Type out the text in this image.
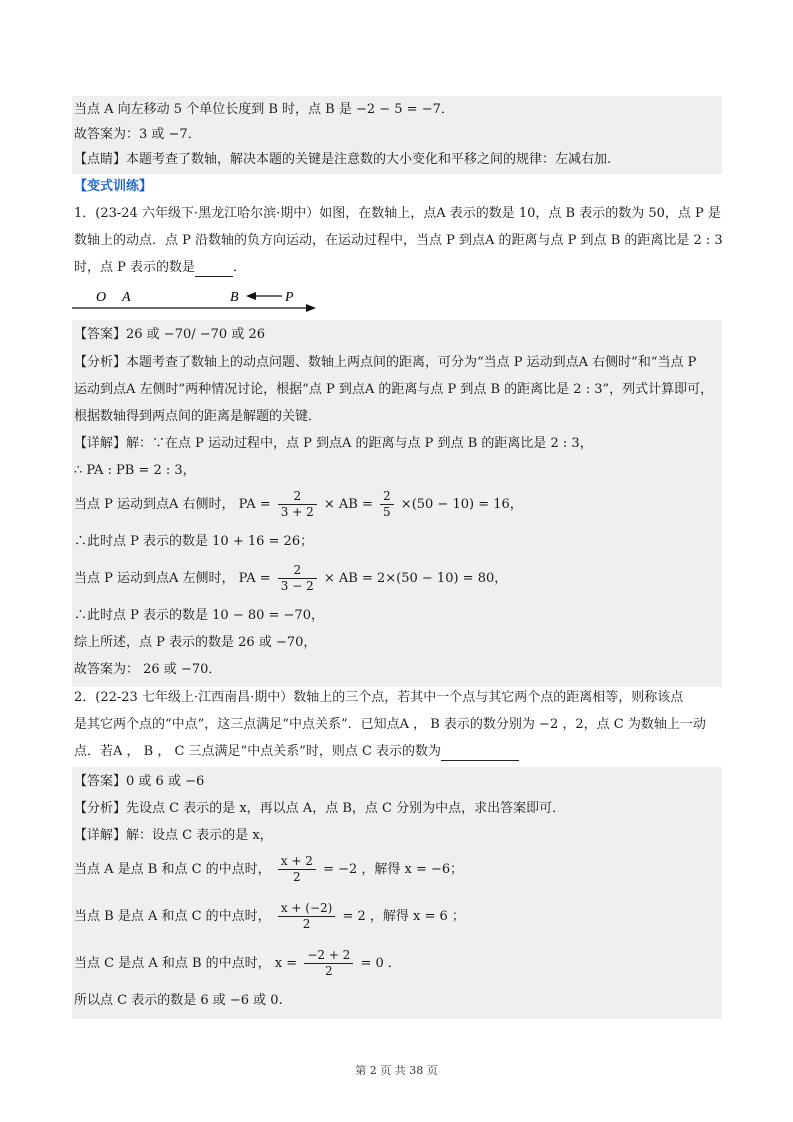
当点 A 向左移动 5 个单位长度到 B 时，点 B 是 −2 − 5 = −7．
故答案为：3 或 −7．
【点睛】本题考查了数轴，解决本题的关键是注意数的大小变化和平移之间的规律：左减右加.
【变式训练】
1．(23-24 六年级下·黑龙江哈尔滨·期中）如图，在数轴上，点A 表示的数是 10，点 B 表示的数为 50，点 P 是
数轴上的动点．点 P 沿数轴的负方向运动，在运动过程中，当点 P 到点A 的距离与点 P 到点 B 的距离比是 2 : 3
时，点 P 表示的数是	．
O A	B	P
【答案】26 或 −70/ −70 或 26
【分析】本题考查了数轴上的动点问题、数轴上两点间的距离，可分为“当点 P 运动到点A 右侧时”和“当点 P
运动到点A 左侧时”两种情况讨论，根据“点 P 到点A 的距离与点 P 到点 B 的距离比是 2 : 3”，列式计算即可，
根据数轴得到两点间的距离是解题的关键．
【详解】解：∵在点 P 运动过程中，点 P 到点A 的距离与点 P 到点 B 的距离比是 2 : 3，
∴ PA : PB = 2 : 3，
当点 P 运动到点A 右侧时， PA = $\frac{2}{3 + 2}$ × AB = $\frac{2}{5} \times(50 - 10) = 16$，
∴此时点 P 表示的数是 10 + 16 = 26；
当点 P 运动到点A 左侧时， PA = $\frac{2}{3 - 2}$ × AB = 2×(50 − 10) = 80，
∴此时点 P 表示的数是 10 − 80 = −70，
综上所述，点 P 表示的数是 26 或 −70，
故答案为： 26 或 −70．
2．(22-23 七年级上·江西南昌·期中）数轴上的三个点，若其中一个点与其它两个点的距离相等，则称该点
是其它两个点的“中点”，这三点满足“中点关系”．已知点A ， B 表示的数分别为 −2 ，2，点 C 为数轴上一动
点．若A ， B ， C 三点满足“中点关系”时，则点 C 表示的数为
【答案】0 或 6 或 −6
【分析】先设点 C 表示的是 x，再以点 A，点 B，点 C 分别为中点，求出答案即可．
【详解】解：设点 C 表示的是 x，
当点 A 是点 B 和点 C 的中点时， $\frac{x + 2}{2} = -2$ ，解得 x = −6；
当点 B 是点 A 和点 C 的中点时， $\frac{x + (-2)}{2} = 2$ ，解得 x = 6 ；
当点 C 是点 A 和点 B 的中点时， $x = \frac{-2 + 2}{2} = 0$ ．
所以点 C 表示的数是 6 或 −6 或 0.
第 2 页 共 38 页
